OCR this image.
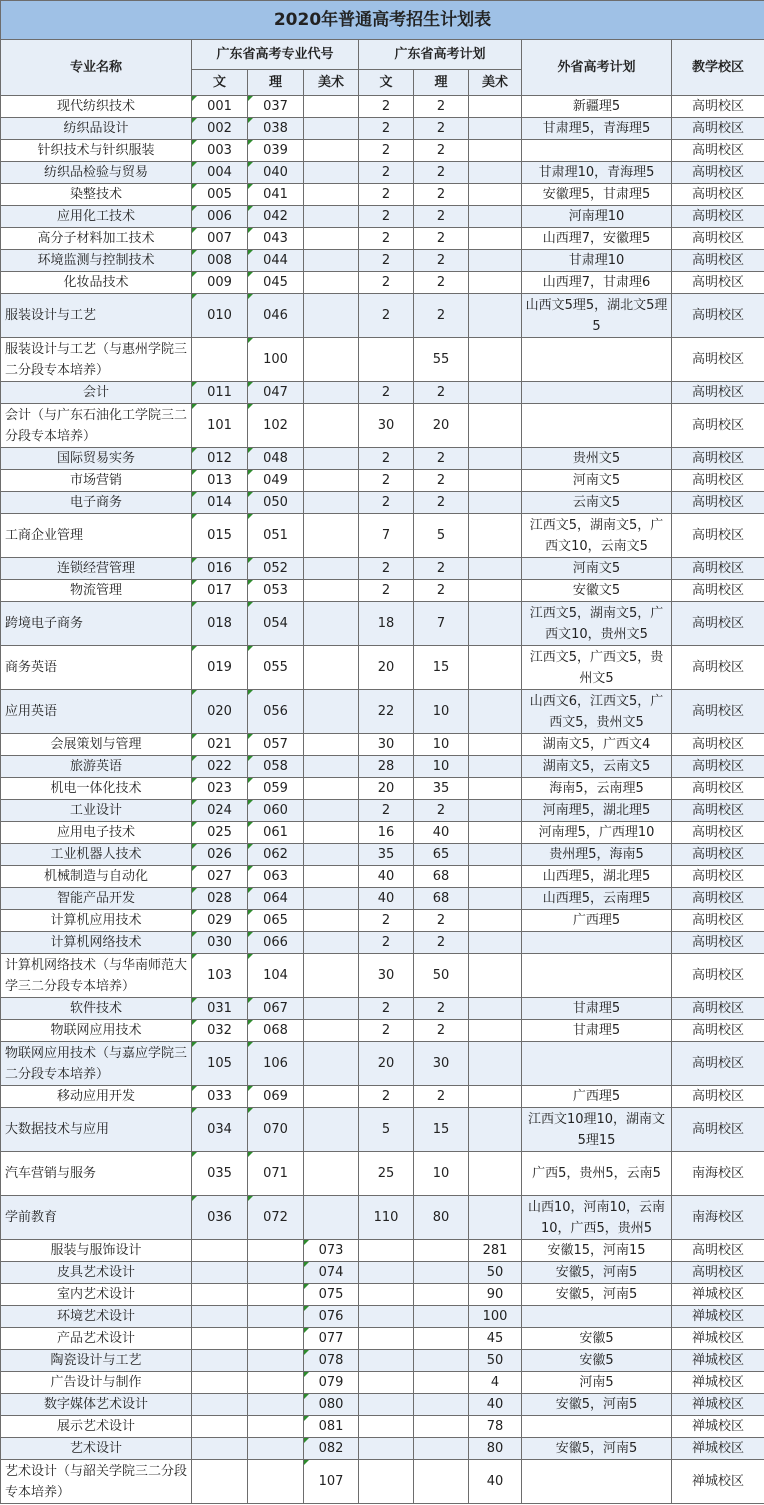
2020年普通高考招生计划表								
专业名称	广东省高考专业代号			广东省高考计划			外省高考计划	教学校区
	文	理	美术	文	理	美术		
现代纺织技术	001	037		2	2		新疆理5	高明校区
纺织品设计	002	038		2	2		甘肃理5，青海理5	高明校区
针织技术与针织服装	003	039		2	2			高明校区
纺织品检验与贸易	004	040		2	2		甘肃理10，青海理5	高明校区
染整技术	005	041		2	2		安徽理5，甘肃理5	高明校区
应用化工技术	006	042		2	2		河南理10	高明校区
高分子材料加工技术	007	043		2	2		山西理7，安徽理5	高明校区
环境监测与控制技术	008	044		2	2		甘肃理10	高明校区
化妆品技术	009	045		2	2		山西理7，甘肃理6	高明校区
服装设计与工艺	010	046		2	2		山西文5理5，湖北文5理5	高明校区
服装设计与工艺（与惠州学院三二分段专本培养）		100			55			高明校区
会计	011	047		2	2			高明校区
会计（与广东石油化工学院三二分段专本培养）	101	102		30	20			高明校区
国际贸易实务	012	048		2	2		贵州文5	高明校区
市场营销	013	049		2	2		河南文5	高明校区
电子商务	014	050		2	2		云南文5	高明校区
工商企业管理	015	051		7	5		江西文5，湖南文5，广西文10，云南文5	高明校区
连锁经营管理	016	052		2	2		河南文5	高明校区
物流管理	017	053		2	2		安徽文5	高明校区
跨境电子商务	018	054		18	7		江西文5，湖南文5，广西文10，贵州文5	高明校区
商务英语	019	055		20	15		江西文5，广西文5，贵州文5	高明校区
应用英语	020	056		22	10		山西文6，江西文5，广西文5，贵州文5	高明校区
会展策划与管理	021	057		30	10		湖南文5，广西文4	高明校区
旅游英语	022	058		28	10		湖南文5，云南文5	高明校区
机电一体化技术	023	059		20	35		海南5，云南理5	高明校区
工业设计	024	060		2	2		河南理5，湖北理5	高明校区
应用电子技术	025	061		16	40		河南理5，广西理10	高明校区
工业机器人技术	026	062		35	65		贵州理5，海南5	高明校区
机械制造与自动化	027	063		40	68		山西理5，湖北理5	高明校区
智能产品开发	028	064		40	68		山西理5，云南理5	高明校区
计算机应用技术	029	065		2	2		广西理5	高明校区
计算机网络技术	030	066		2	2			高明校区
计算机网络技术（与华南师范大学三二分段专本培养）	103	104		30	50			高明校区
软件技术	031	067		2	2		甘肃理5	高明校区
物联网应用技术	032	068		2	2		甘肃理5	高明校区
物联网应用技术（与嘉应学院三二分段专本培养）	105	106		20	30			高明校区
移动应用开发	033	069		2	2		广西理5	高明校区
大数据技术与应用	034	070		5	15		江西文10理10，湖南文5理15	高明校区
汽车营销与服务	035	071		25	10		广西5，贵州5，云南5	南海校区
学前教育	036	072		110	80		山西10，河南10，云南10，广西5，贵州5	南海校区
服装与服饰设计			073			281	安徽15，河南15	高明校区
皮具艺术设计			074			50	安徽5，河南5	高明校区
室内艺术设计			075			90	安徽5，河南5	禅城校区
环境艺术设计			076			100		禅城校区
产品艺术设计			077			45	安徽5	禅城校区
陶瓷设计与工艺			078			50	安徽5	禅城校区
广告设计与制作			079			4	河南5	禅城校区
数字媒体艺术设计			080			40	安徽5，河南5	禅城校区
展示艺术设计			081			78		禅城校区
艺术设计			082			80	安徽5，河南5	禅城校区
艺术设计（与韶关学院三二分段专本培养）			107			40		禅城校区
